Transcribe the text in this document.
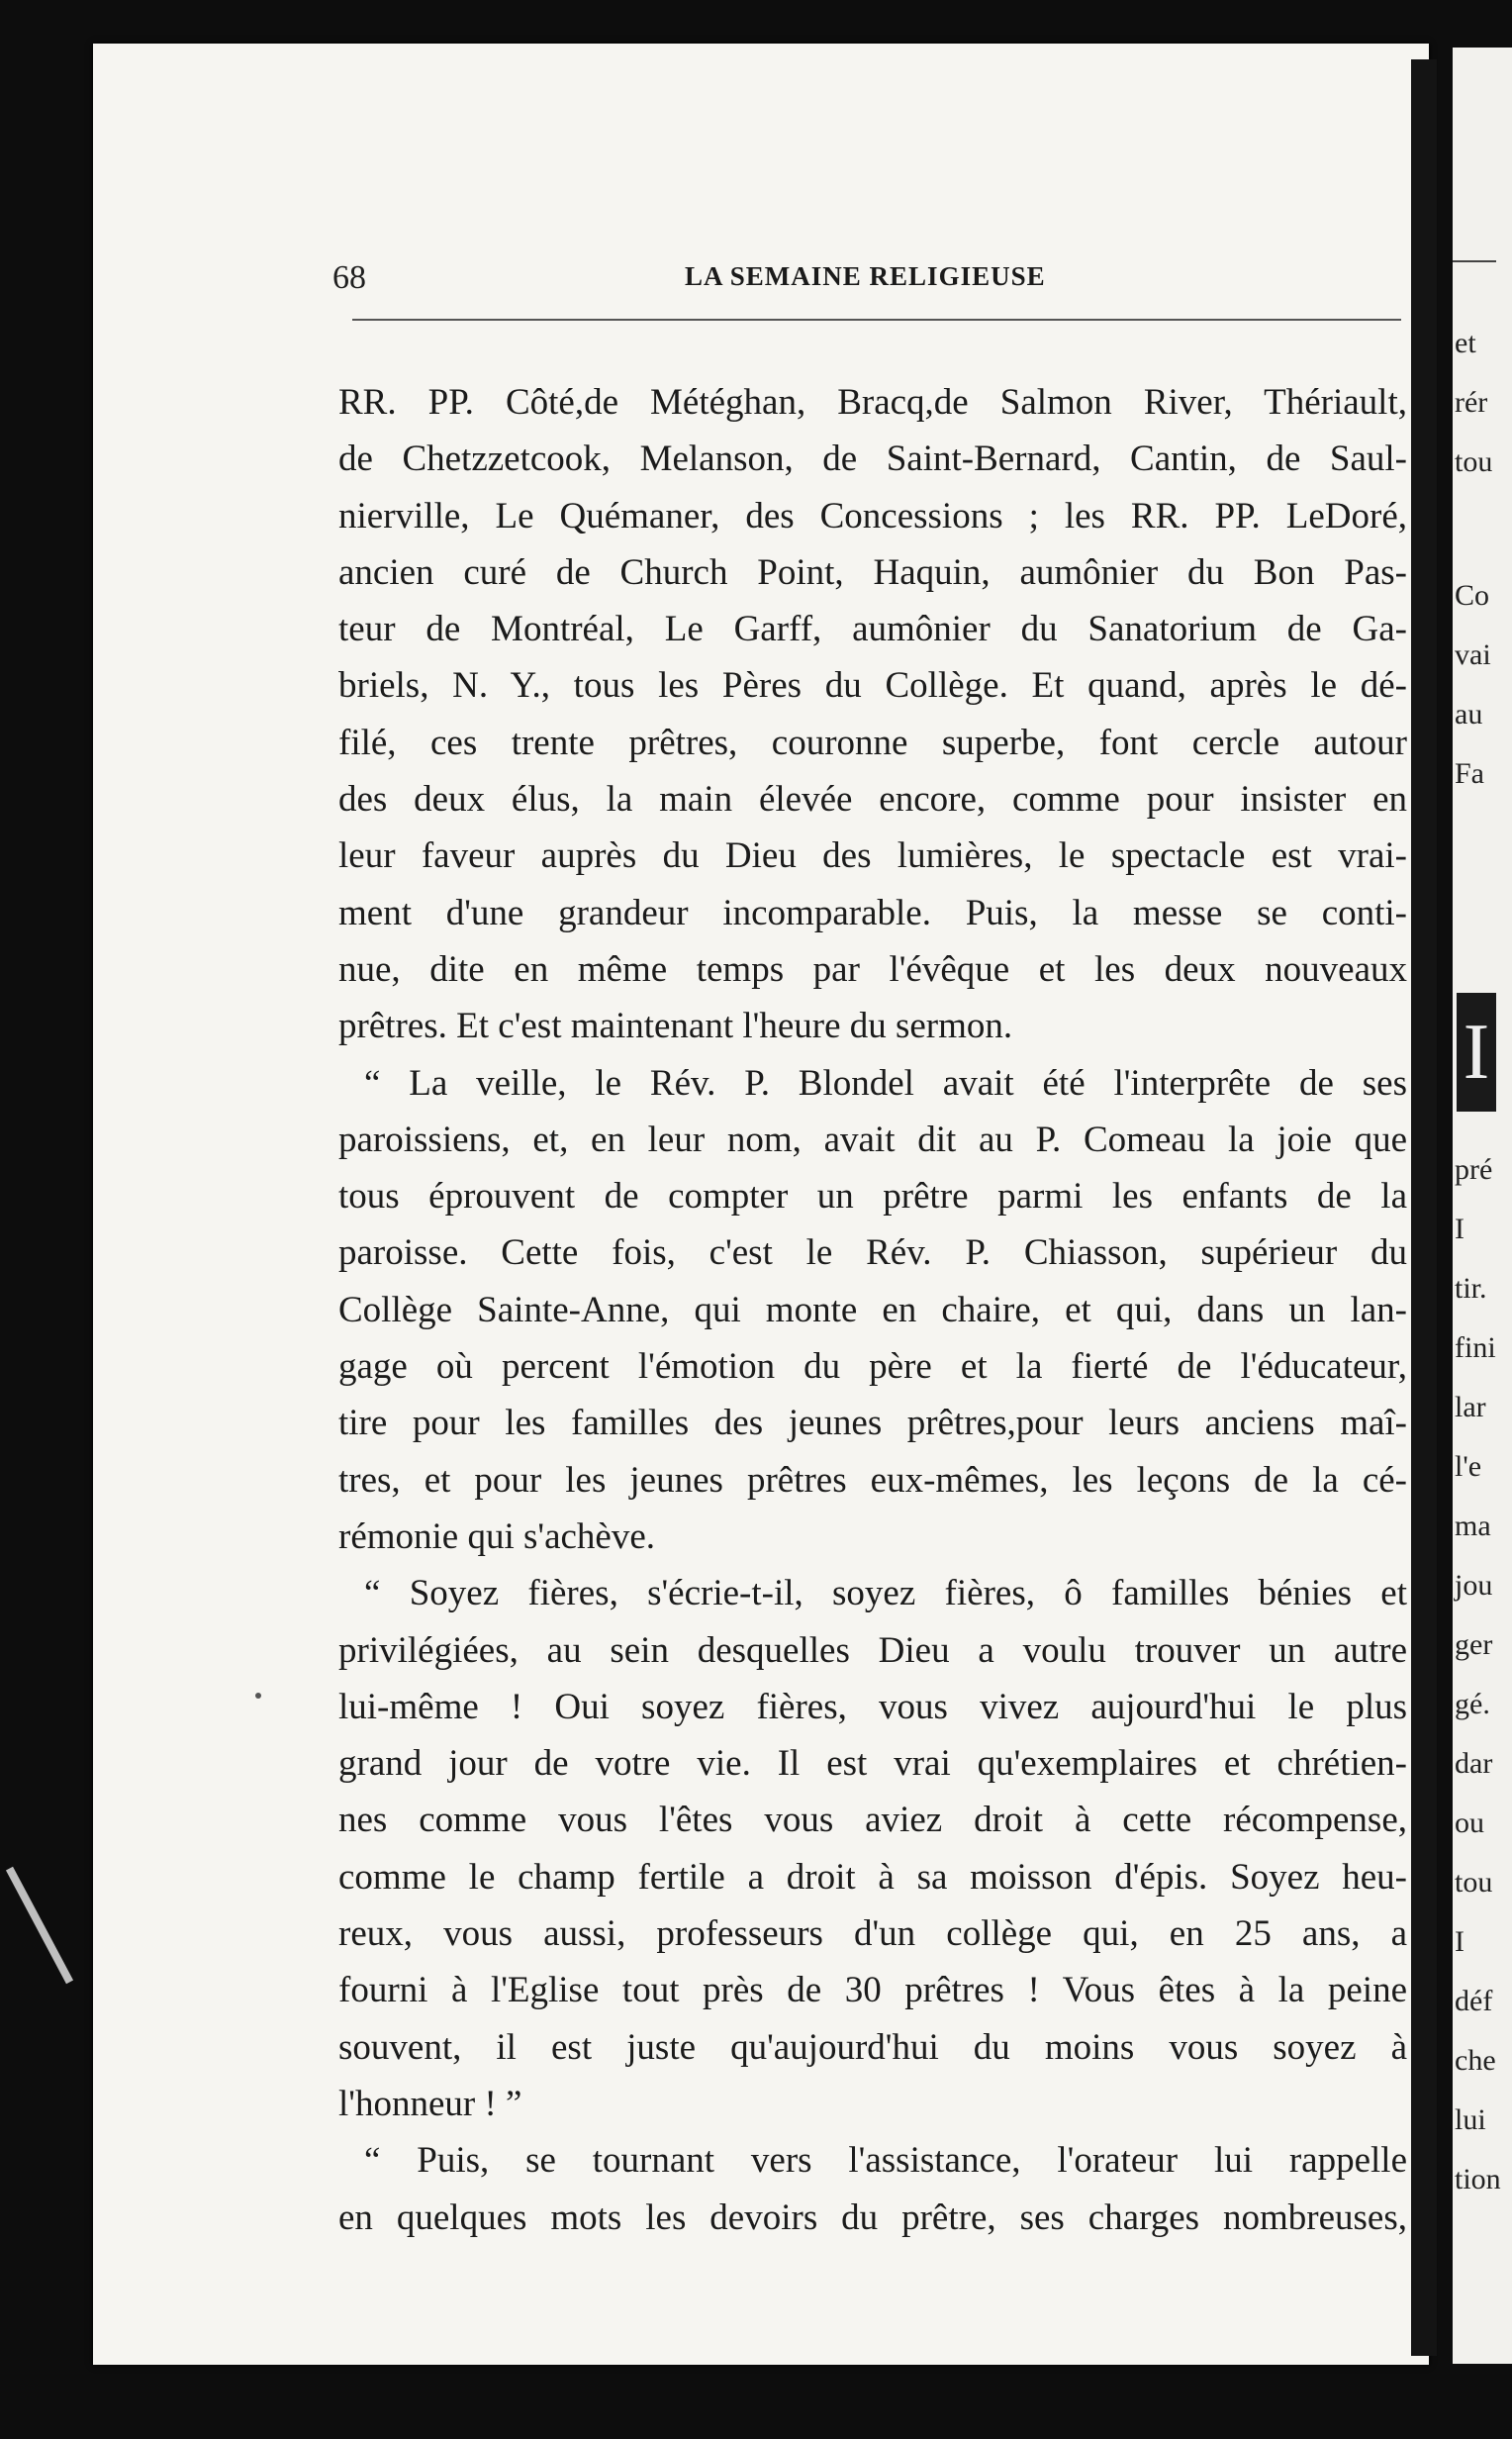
I
et
rér
tou
Co
vai
au
Fa
pré
I
tir.
fini
lar
l'e
ma
jou
ger
gé.
dar
ou
tou
I
déf
che
lui
tion
68	LA SEMAINE RELIGIEUSE
RR. PP. Côté,de Météghan, Bracq,de Salmon River, Thériault,
de Chetzzetcook, Melanson, de Saint-Bernard, Cantin, de Saul-
nierville, Le Quémaner, des Concessions ; les RR. PP. LeDoré,
ancien curé de Church Point, Haquin, aumônier du Bon Pas-
teur de Montréal, Le Garff, aumônier du Sanatorium de Ga-
briels, N. Y., tous les Pères du Collège. Et quand, après le dé-
filé, ces trente prêtres, couronne superbe, font cercle autour
des deux élus, la main élevée encore, comme pour insister en
leur faveur auprès du Dieu des lumières, le spectacle est vrai-
ment d'une grandeur incomparable. Puis, la messe se conti-
nue, dite en même temps par l'évêque et les deux nouveaux
prêtres. Et c'est maintenant l'heure du sermon.
“ La veille, le Rév. P. Blondel avait été l'interprête de ses
paroissiens, et, en leur nom, avait dit au P. Comeau la joie que
tous éprouvent de compter un prêtre parmi les enfants de la
paroisse. Cette fois, c'est le Rév. P. Chiasson, supérieur du
Collège Sainte-Anne, qui monte en chaire, et qui, dans un lan-
gage où percent l'émotion du père et la fierté de l'éducateur,
tire pour les familles des jeunes prêtres,pour leurs anciens maî-
tres, et pour les jeunes prêtres eux-mêmes, les leçons de la cé-
rémonie qui s'achève.
“ Soyez fières, s'écrie-t-il, soyez fières, ô familles bénies et
privilégiées, au sein desquelles Dieu a voulu trouver un autre
lui-même ! Oui soyez fières, vous vivez aujourd'hui le plus
grand jour de votre vie. Il est vrai qu'exemplaires et chrétien-
nes comme vous l'êtes vous aviez droit à cette récompense,
comme le champ fertile a droit à sa moisson d'épis. Soyez heu-
reux, vous aussi, professeurs d'un collège qui, en 25 ans, a
fourni à l'Eglise tout près de 30 prêtres ! Vous êtes à la peine
souvent, il est juste qu'aujourd'hui du moins vous soyez à
l'honneur ! ”
“ Puis, se tournant vers l'assistance, l'orateur lui rappelle
en quelques mots les devoirs du prêtre, ses charges nombreuses,
